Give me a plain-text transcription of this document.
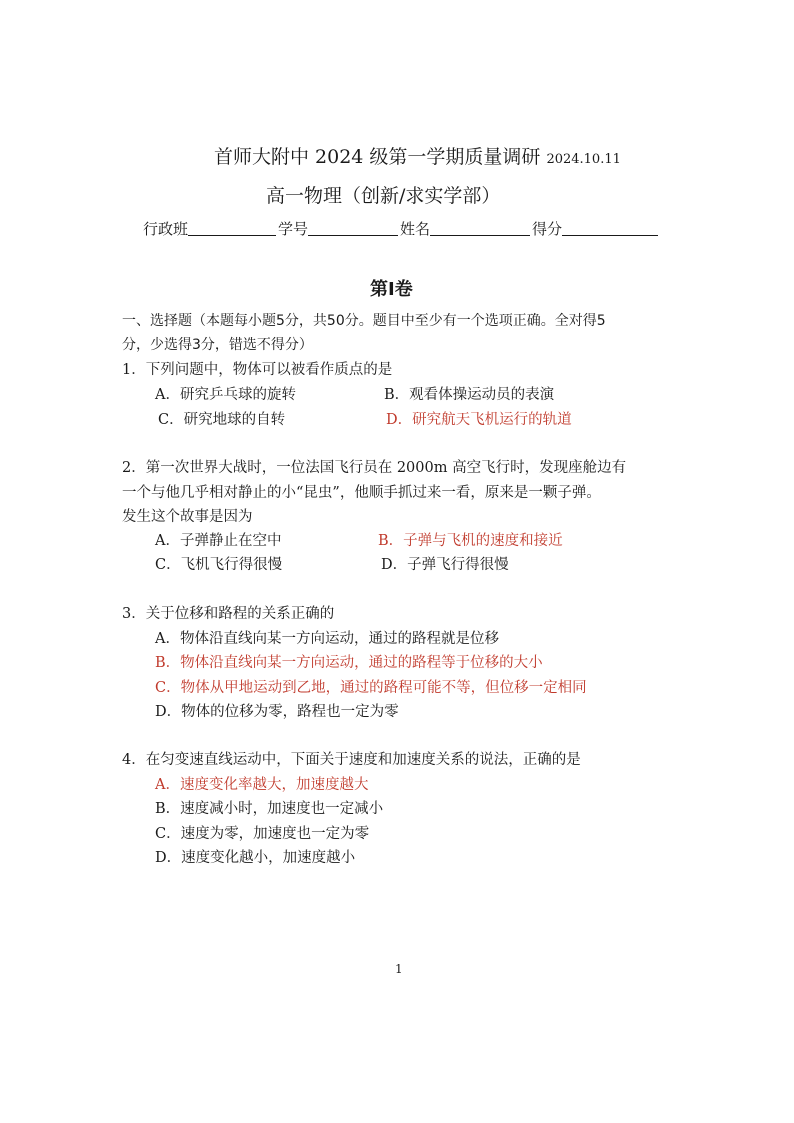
首师大附中 2024 级第一学期质量调研 2024.10.11
高一物理（创新/求实学部）
行政班	学号	姓名	得分
第Ⅰ卷
一、选择题（本题每小题5分，共50分。题目中至少有一个选项正确。全对得5
分，少选得3分，错选不得分）
1．下列问题中，物体可以被看作质点的是
A．研究乒乓球的旋转	B．观看体操运动员的表演
C．研究地球的自转	D．研究航天飞机运行的轨道
2．第一次世界大战时，一位法国飞行员在 2000m 高空飞行时，发现座舱边有
一个与他几乎相对静止的小“昆虫”，他顺手抓过来一看，原来是一颗子弹。
发生这个故事是因为
A．子弹静止在空中	B．子弹与飞机的速度和接近
C．飞机飞行得很慢	D．子弹飞行得很慢
3．关于位移和路程的关系正确的
A．物体沿直线向某一方向运动，通过的路程就是位移
B．物体沿直线向某一方向运动，通过的路程等于位移的大小
C．物体从甲地运动到乙地，通过的路程可能不等，但位移一定相同
D．物体的位移为零，路程也一定为零
4．在匀变速直线运动中，下面关于速度和加速度关系的说法，正确的是
A．速度变化率越大，加速度越大
B．速度减小时，加速度也一定减小
C．速度为零，加速度也一定为零
D．速度变化越小，加速度越小
1
